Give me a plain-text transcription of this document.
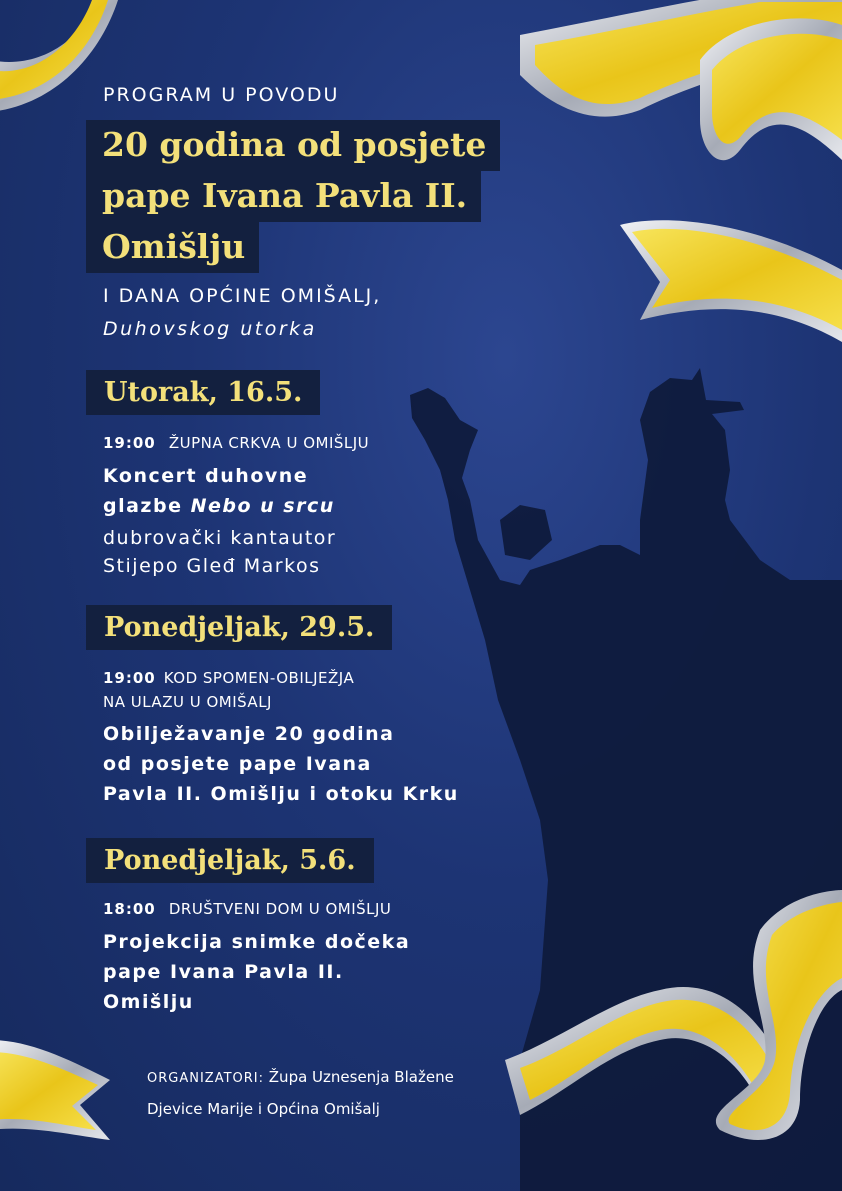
PROGRAM U POVODU
20 godina od posjete
pape Ivana Pavla II.
Omišlju
I DANA OPĆINE OMIŠALJ,
Duhovskog utorka
Utorak, 16.5.
19:00 ŽUPNA CRKVA U OMIŠLJU
Koncert duhovne
glazbe Nebo u srcu
dubrovački kantautor
Stijepo Gleđ Markos
Ponedjeljak, 29.5.
19:00 KOD SPOMEN-OBILJEŽJA
NA ULAZU U OMIŠALJ
Obilježavanje 20 godina
od posjete pape Ivana
Pavla II. Omišlju i otoku Krku
Ponedjeljak, 5.6.
18:00 DRUŠTVENI DOM U OMIŠLJU
Projekcija snimke dočeka
pape Ivana Pavla II.
Omišlju
ORGANIZATORI: Župa Uznesenja Blažene
Djevice Marije i Općina Omišalj
